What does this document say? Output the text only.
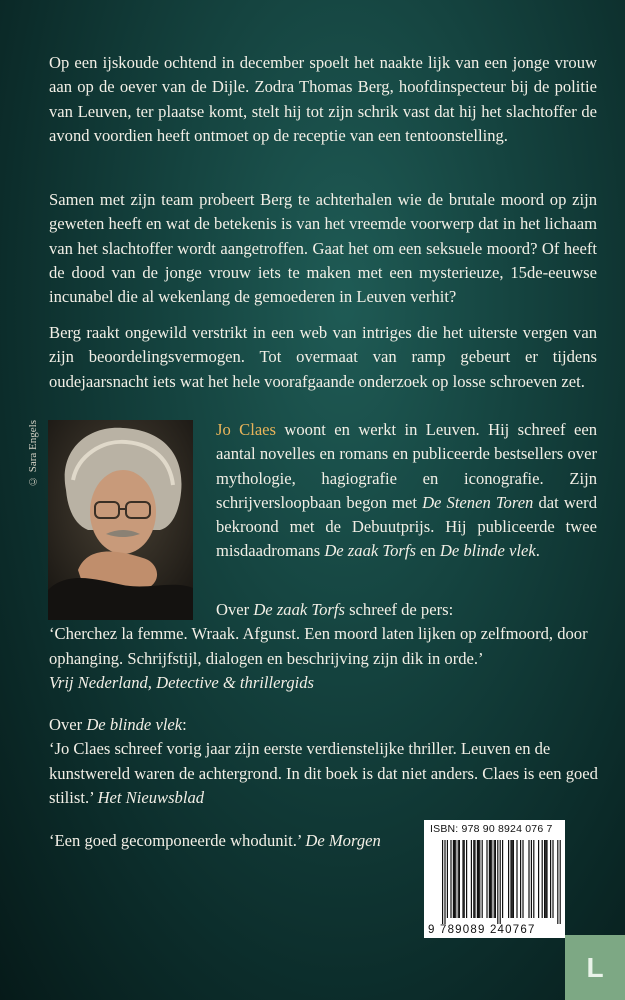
Op een ijskoude ochtend in december spoelt het naakte lijk van een jonge vrouw aan op de oever van de Dijle. Zodra Thomas Berg, hoofdinspecteur bij de politie van Leuven, ter plaatse komt, stelt hij tot zijn schrik vast dat hij het slachtoffer de avond voordien heeft ontmoet op de receptie van een tentoonstelling.

Samen met zijn team probeert Berg te achterhalen wie de brutale moord op zijn geweten heeft en wat de betekenis is van het vreemde voorwerp dat in het lichaam van het slachtoffer wordt aangetroffen. Gaat het om een seksuele moord? Of heeft de dood van de jonge vrouw iets te maken met een mysterieuze, 15de-eeuwse incunabel die al wekenlang de gemoederen in Leuven verhit?

Berg raakt ongewild verstrikt in een web van intriges die het uiterste vergen van zijn beoordelingsvermogen. Tot overmaat van ramp gebeurt er tijdens oudejaarsnacht iets wat het hele voorafgaande onderzoek op losse schroeven zet.

© Sara Engels	Jo Claes woont en werkt in Leuven. Hij schreef een aantal novelles en romans en publiceerde bestsellers over mythologie, hagiografie en iconografie. Zijn schrijversloopbaan begon met De Stenen Toren dat werd bekroond met de Debuutprijs. Hij publiceerde twee misdaadromans De zaak Torfs en De blinde vlek.

Over De zaak Torfs schreef de pers:
‘Cherchez la femme. Wraak. Afgunst. Een moord laten lijken op zelfmoord, door ophanging. Schrijfstijl, dialogen en beschrijving zijn dik in orde.’
Vrij Nederland, Detective & thrillergids
Over De blinde vlek:
‘Jo Claes schreef vorig jaar zijn eerste verdienstelijke thriller. Leuven en de kunstwereld waren de achtergrond. In dit boek is dat niet anders. Claes is een goed stilist.’ Het Nieuwsblad
‘Een goed gecomponeerde whodunit.’ De Morgen
ISBN: 978 90 8924 076 7
9 789089 240767
L
